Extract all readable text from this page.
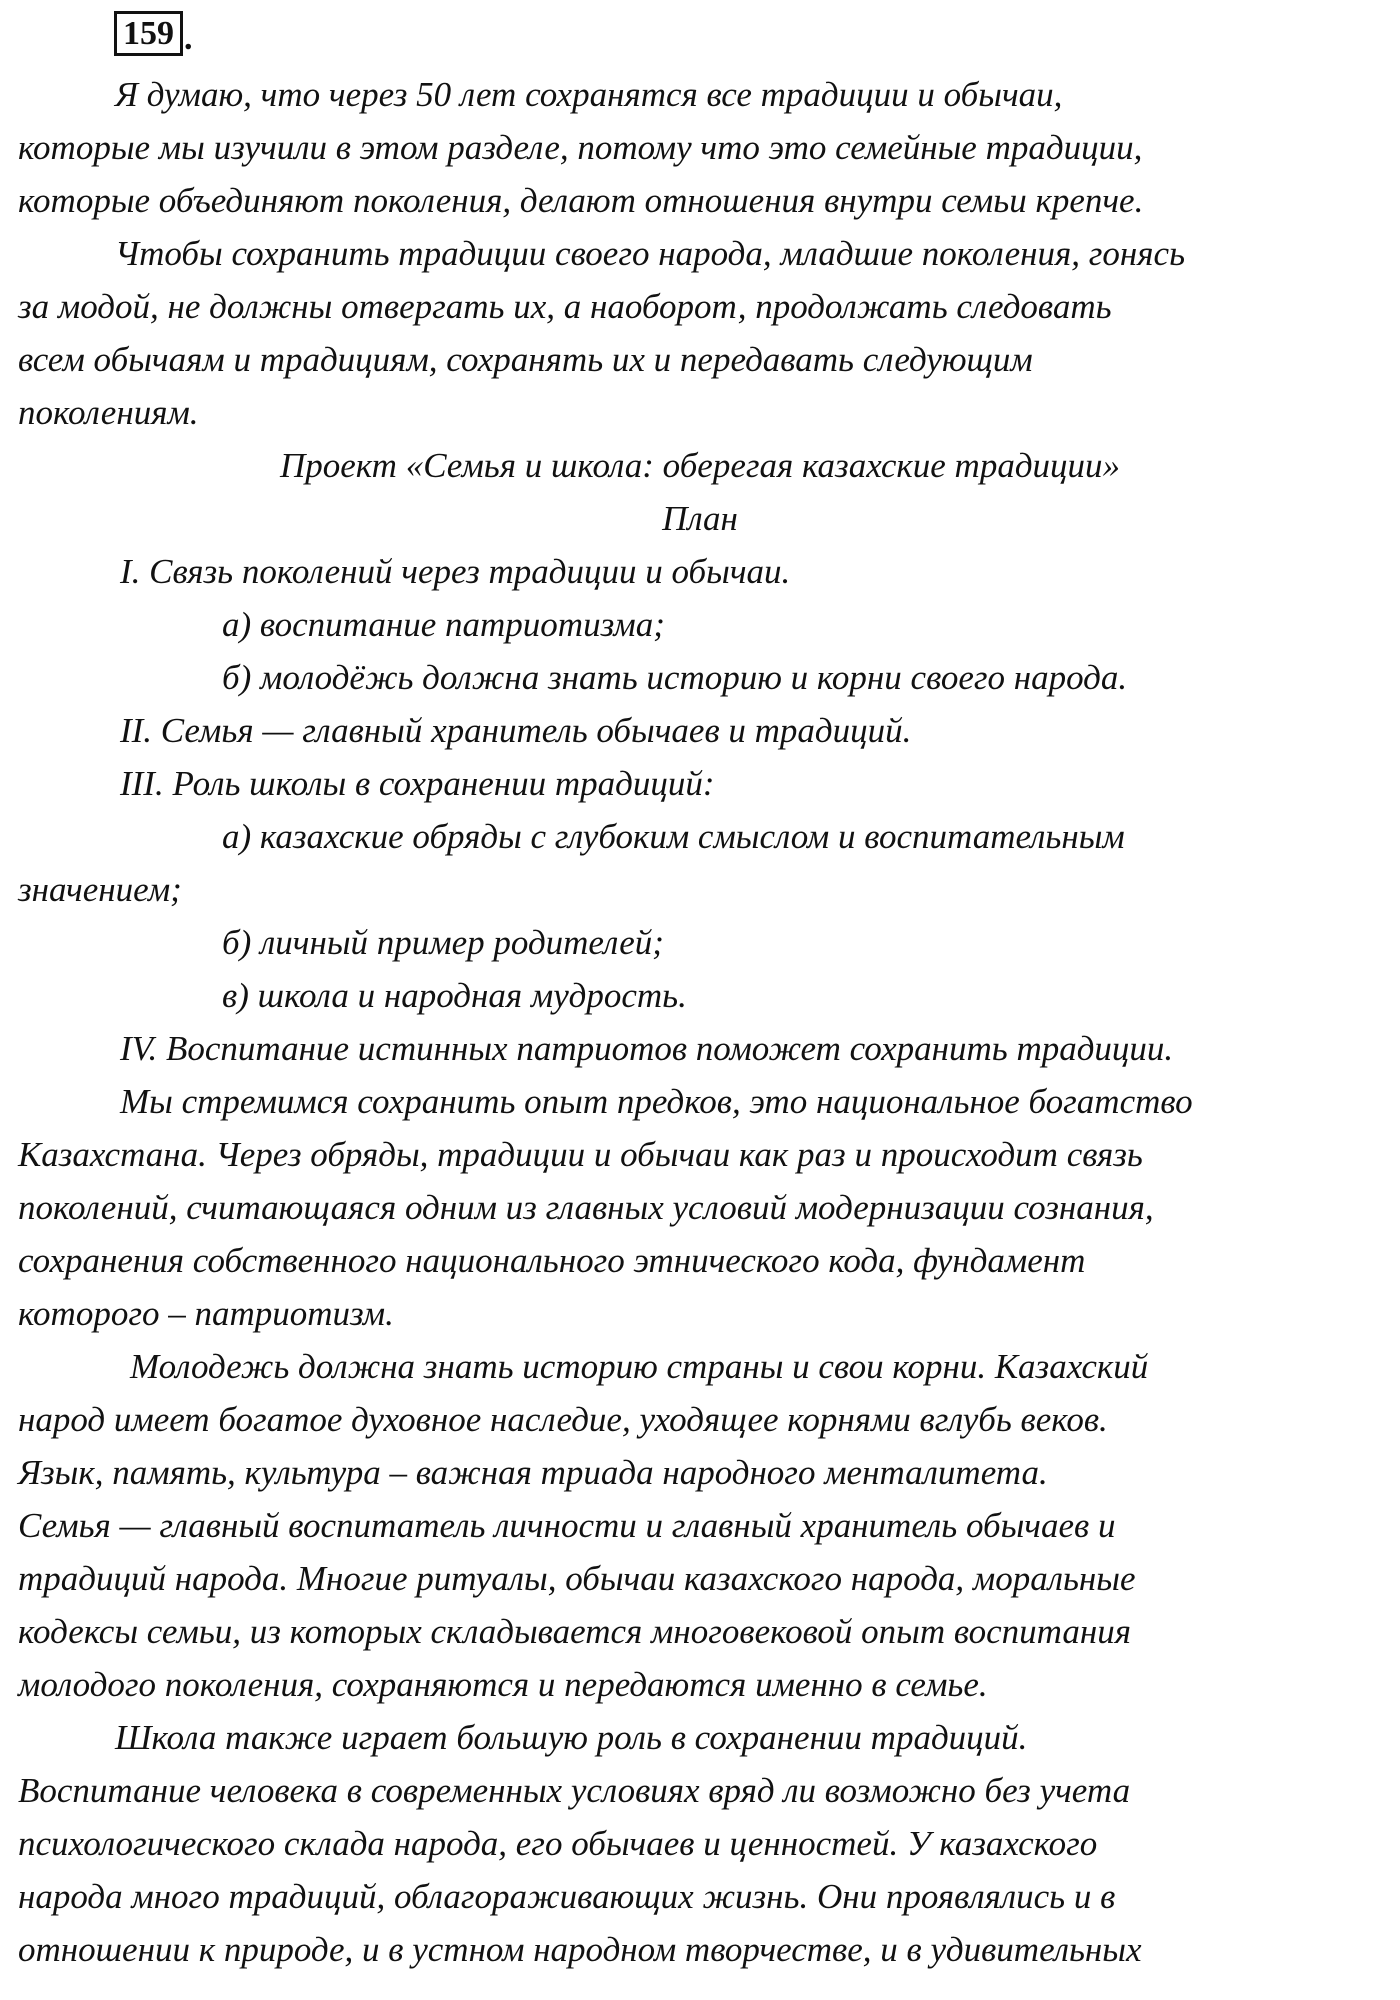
159 .
Я думаю, что через 50 лет сохранятся все традиции и обычаи,
которые мы изучили в этом разделе, потому что это семейные традиции,
которые объединяют поколения, делают отношения внутри семьи крепче.
Чтобы сохранить традиции своего народа, младшие поколения, гонясь
за модой, не должны отвергать их, а наоборот, продолжать следовать
всем обычаям и традициям, сохранять их и передавать следующим
поколениям.
Проект «Семья и школа: оберегая казахские традиции»
План
I. Связь поколений через традиции и обычаи.
а) воспитание патриотизма;
б) молодёжь должна знать историю и корни своего народа.
II. Семья — главный хранитель обычаев и традиций.
III. Роль школы в сохранении традиций:
а) казахские обряды с глубоким смыслом и воспитательным
значением;
б) личный пример родителей;
в) школа и народная мудрость.
IV. Воспитание истинных патриотов поможет сохранить традиции.
Мы стремимся сохранить опыт предков, это национальное богатство
Казахстана. Через обряды, традиции и обычаи как раз и происходит связь
поколений, считающаяся одним из главных условий модернизации сознания,
сохранения собственного национального этнического кода, фундамент
которого – патриотизм.
Молодежь должна знать историю страны и свои корни. Казахский
народ имеет богатое духовное наследие, уходящее корнями вглубь веков.
Язык, память, культура – важная триада народного менталитета.
Семья — главный воспитатель личности и главный хранитель обычаев и
традиций народа. Многие ритуалы, обычаи казахского народа, моральные
кодексы семьи, из которых складывается многовековой опыт воспитания
молодого поколения, сохраняются и передаются именно в семье.
Школа также играет большую роль в сохранении традиций.
Воспитание человека в современных условиях вряд ли возможно без учета
психологического склада народа, его обычаев и ценностей. У казахского
народа много традиций, облагораживающих жизнь. Они проявлялись и в
отношении к природе, и в устном народном творчестве, и в удивительных
